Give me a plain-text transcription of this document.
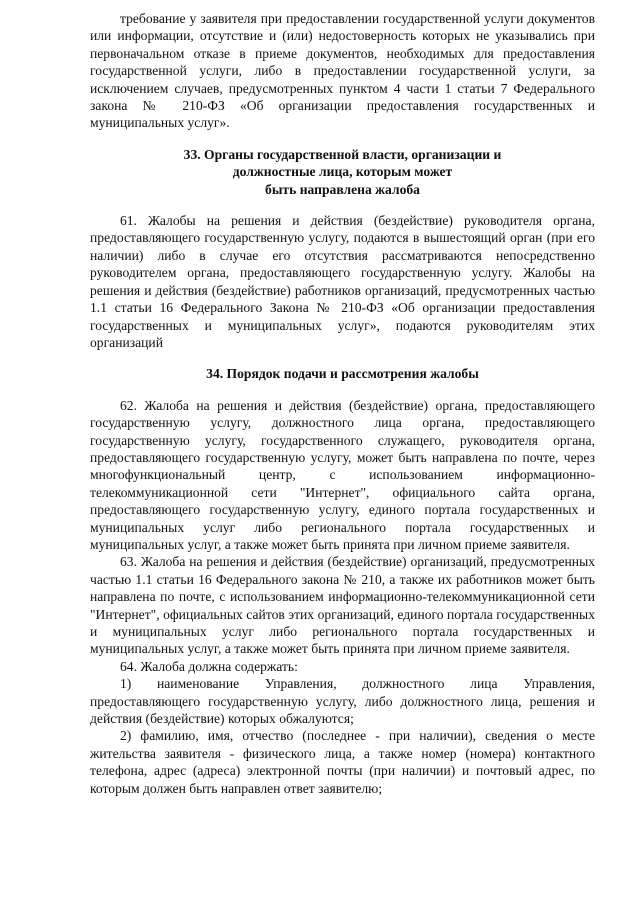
требование у заявителя при предоставлении государственной услуги документов или информации, отсутствие и (или) недостоверность которых не указывались при первоначальном отказе в приеме документов, необходимых для предоставления государственной услуги, либо в предоставлении государственной услуги, за исключением случаев, предусмотренных пунктом 4 части 1 статьи 7 Федерального закона № 210-ФЗ «Об организации предоставления государственных и муниципальных услуг».

33. Органы государственной власти, организации и
должностные лица, которым может
быть направлена жалоба

61. Жалобы на решения и действия (бездействие) руководителя органа, предоставляющего государственную услугу, подаются в вышестоящий орган (при его наличии) либо в случае его отсутствия рассматриваются непосредственно руководителем органа, предоставляющего государственную услугу. Жалобы на решения и действия (бездействие) работников организаций, предусмотренных частью 1.1 статьи 16 Федерального Закона № 210-ФЗ «Об организации предоставления государственных и муниципальных услуг», подаются руководителям этих организаций

34. Порядок подачи и рассмотрения жалобы

62. Жалоба на решения и действия (бездействие) органа, предоставляющего государственную услугу, должностного лица органа, предоставляющего государственную услугу, государственного служащего, руководителя органа, предоставляющего государственную услугу, может быть направлена по почте, через многофункциональный центр, с использованием информационно-телекоммуникационной сети "Интернет", официального сайта органа, предоставляющего государственную услугу, единого портала государственных и муниципальных услуг либо регионального портала государственных и муниципальных услуг, а также может быть принята при личном приеме заявителя.

63. Жалоба на решения и действия (бездействие) организаций, предусмотренных частью 1.1 статьи 16 Федерального закона № 210, а также их работников может быть направлена по почте, с использованием информационно-телекоммуникационной сети "Интернет", официальных сайтов этих организаций, единого портала государственных и муниципальных услуг либо регионального портала государственных и муниципальных услуг, а также может быть принята при личном приеме заявителя.

64. Жалоба должна содержать:

1) наименование Управления, должностного лица Управления, предоставляющего государственную услугу, либо должностного лица, решения и действия (бездействие) которых обжалуются;

2) фамилию, имя, отчество (последнее - при наличии), сведения о месте жительства заявителя - физического лица, а также номер (номера) контактного телефона, адрес (адреса) электронной почты (при наличии) и почтовый адрес, по которым должен быть направлен ответ заявителю;
